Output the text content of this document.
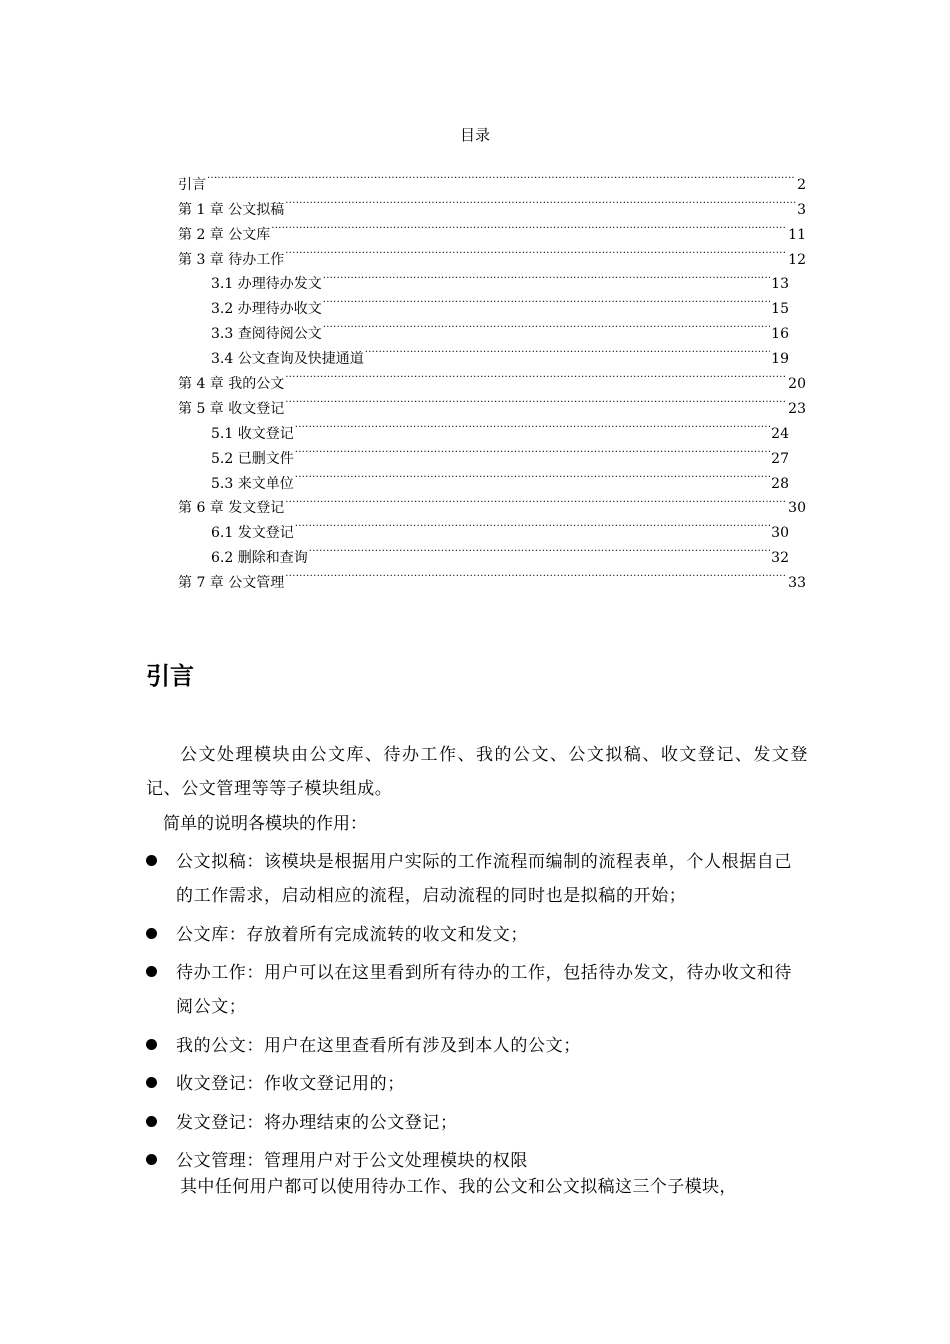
目录
引言 .....	2
第 1 章 公文拟稿 .....	3
第 2 章 公文库 .....	11
第 3 章 待办工作 .....	12
3.1 办理待办发文 .....	13
3.2 办理待办收文 .....	15
3.3 查阅待阅公文 .....	16
3.4 公文查询及快捷通道 .....	19
第 4 章 我的公文 .....	20
第 5 章 收文登记 .....	23
5.1 收文登记 .....	24
5.2 已删文件 .....	27
5.3 来文单位 .....	28
第 6 章 发文登记 .....	30
6.1 发文登记 .....	30
6.2 删除和查询 .....	32
第 7 章 公文管理 .....	33
引言
公文处理模块由公文库、待办工作、我的公文、公文拟稿、收文登记、发文登记、公文管理等等子模块组成。
简单的说明各模块的作用：
公文拟稿：该模块是根据用户实际的工作流程而编制的流程表单，个人根据自己的工作需求，启动相应的流程，启动流程的同时也是拟稿的开始；
公文库：存放着所有完成流转的收文和发文；
待办工作：用户可以在这里看到所有待办的工作，包括待办发文，待办收文和待阅公文；
我的公文：用户在这里查看所有涉及到本人的公文；
收文登记：作收文登记用的；
发文登记：将办理结束的公文登记；
公文管理：管理用户对于公文处理模块的权限
其中任何用户都可以使用待办工作、我的公文和公文拟稿这三个子模块，
